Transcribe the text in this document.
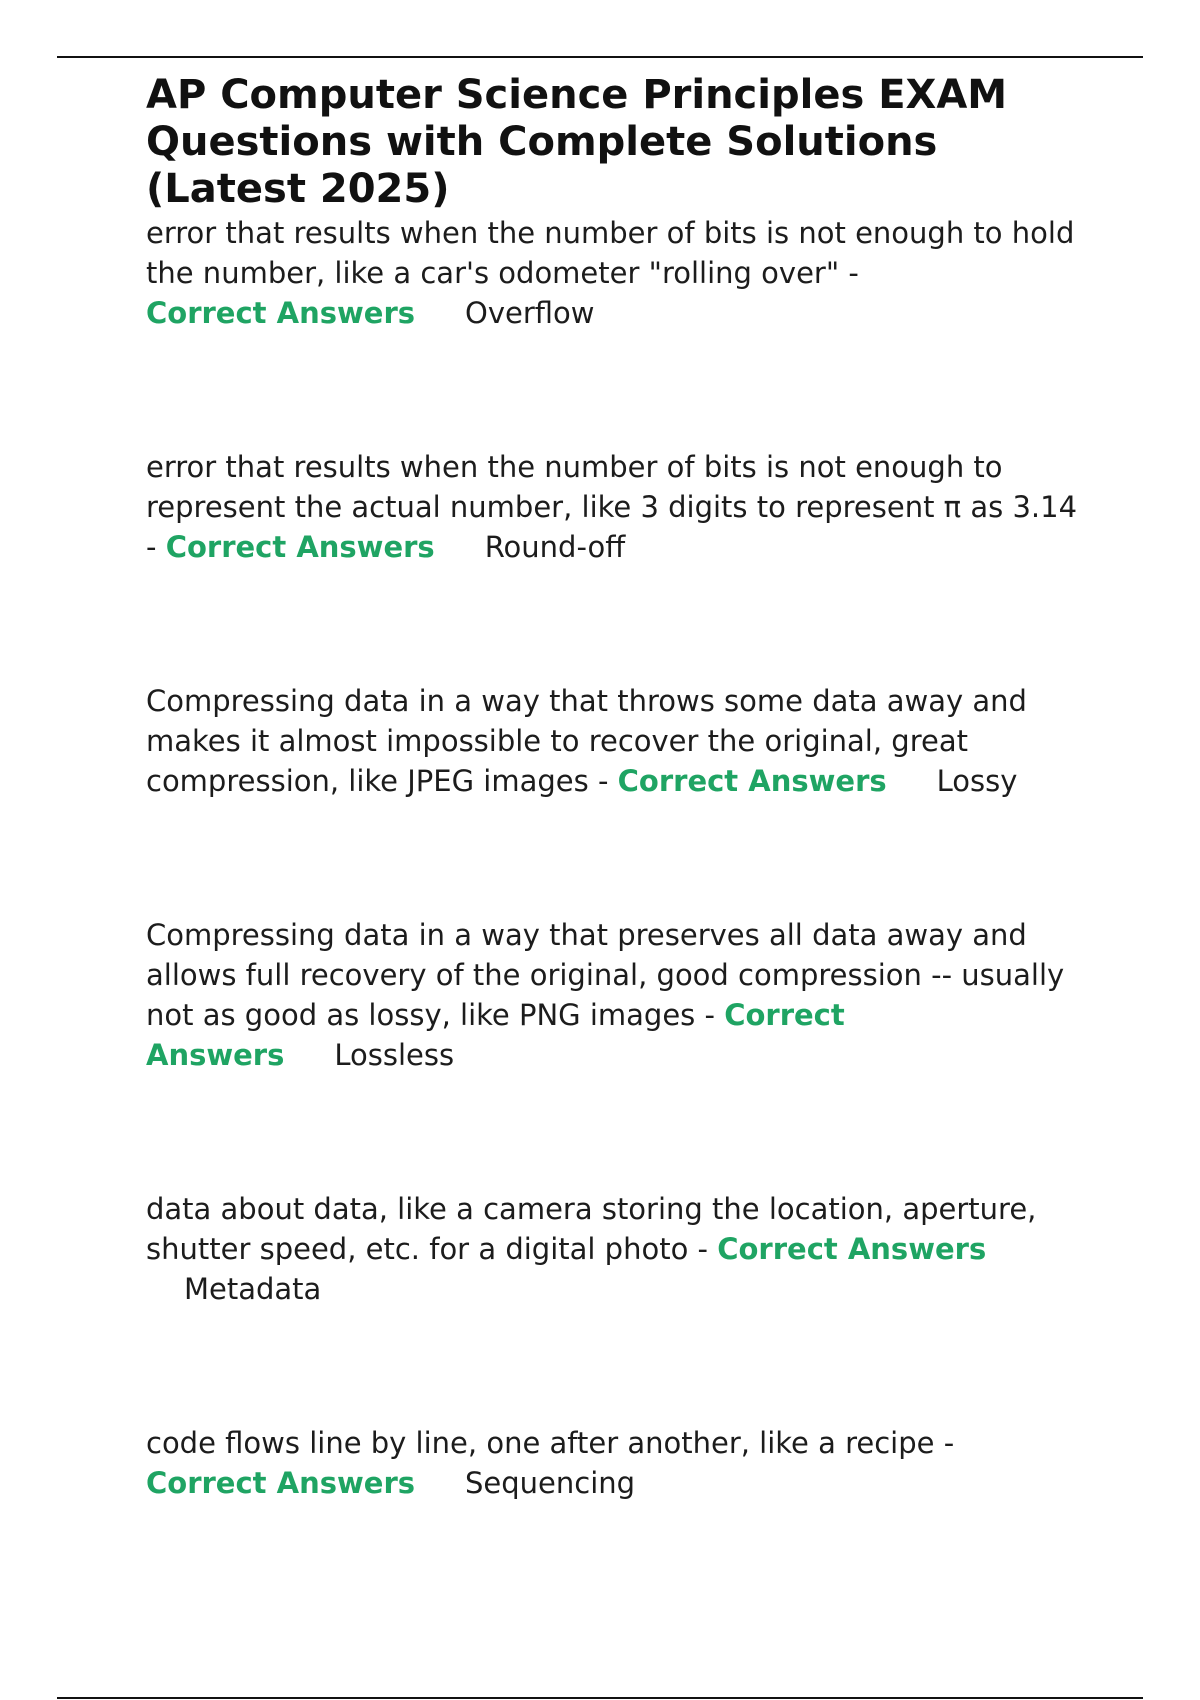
AP Computer Science Principles EXAM Questions with Complete Solutions (Latest 2025)

error that results when the number of bits is not enough to hold the number, like a car's odometer "rolling over" -
Correct Answers Overflow

error that results when the number of bits is not enough to represent the actual number, like 3 digits to represent π as 3.14 - Correct Answers Round-off

Compressing data in a way that throws some data away and makes it almost impossible to recover the original, great compression, like JPEG images - Correct Answers Lossy

Compressing data in a way that preserves all data away and allows full recovery of the original, good compression -- usually not as good as lossy, like PNG images - Correct Answers Lossless

data about data, like a camera storing the location, aperture, shutter speed, etc. for a digital photo - Correct Answers
Metadata

code flows line by line, one after another, like a recipe -
Correct Answers Sequencing
